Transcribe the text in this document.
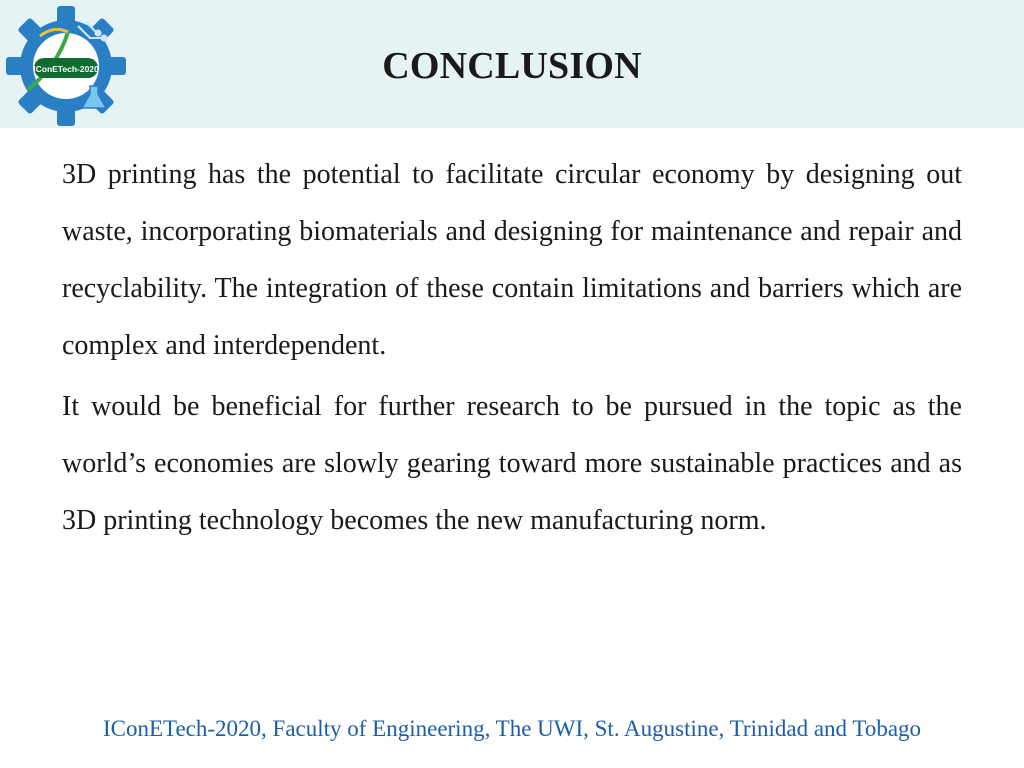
IConETech-2020	CONCLUSION

3D printing has the potential to facilitate circular economy by designing out waste, incorporating biomaterials and designing for maintenance and repair and recyclability. The integration of these contain limitations and barriers which are complex and interdependent.

It would be beneficial for further research to be pursued in the topic as the world’s economies are slowly gearing toward more sustainable practices and as 3D printing technology becomes the new manufacturing norm.

IConETech-2020, Faculty of Engineering, The UWI, St. Augustine, Trinidad and Tobago
